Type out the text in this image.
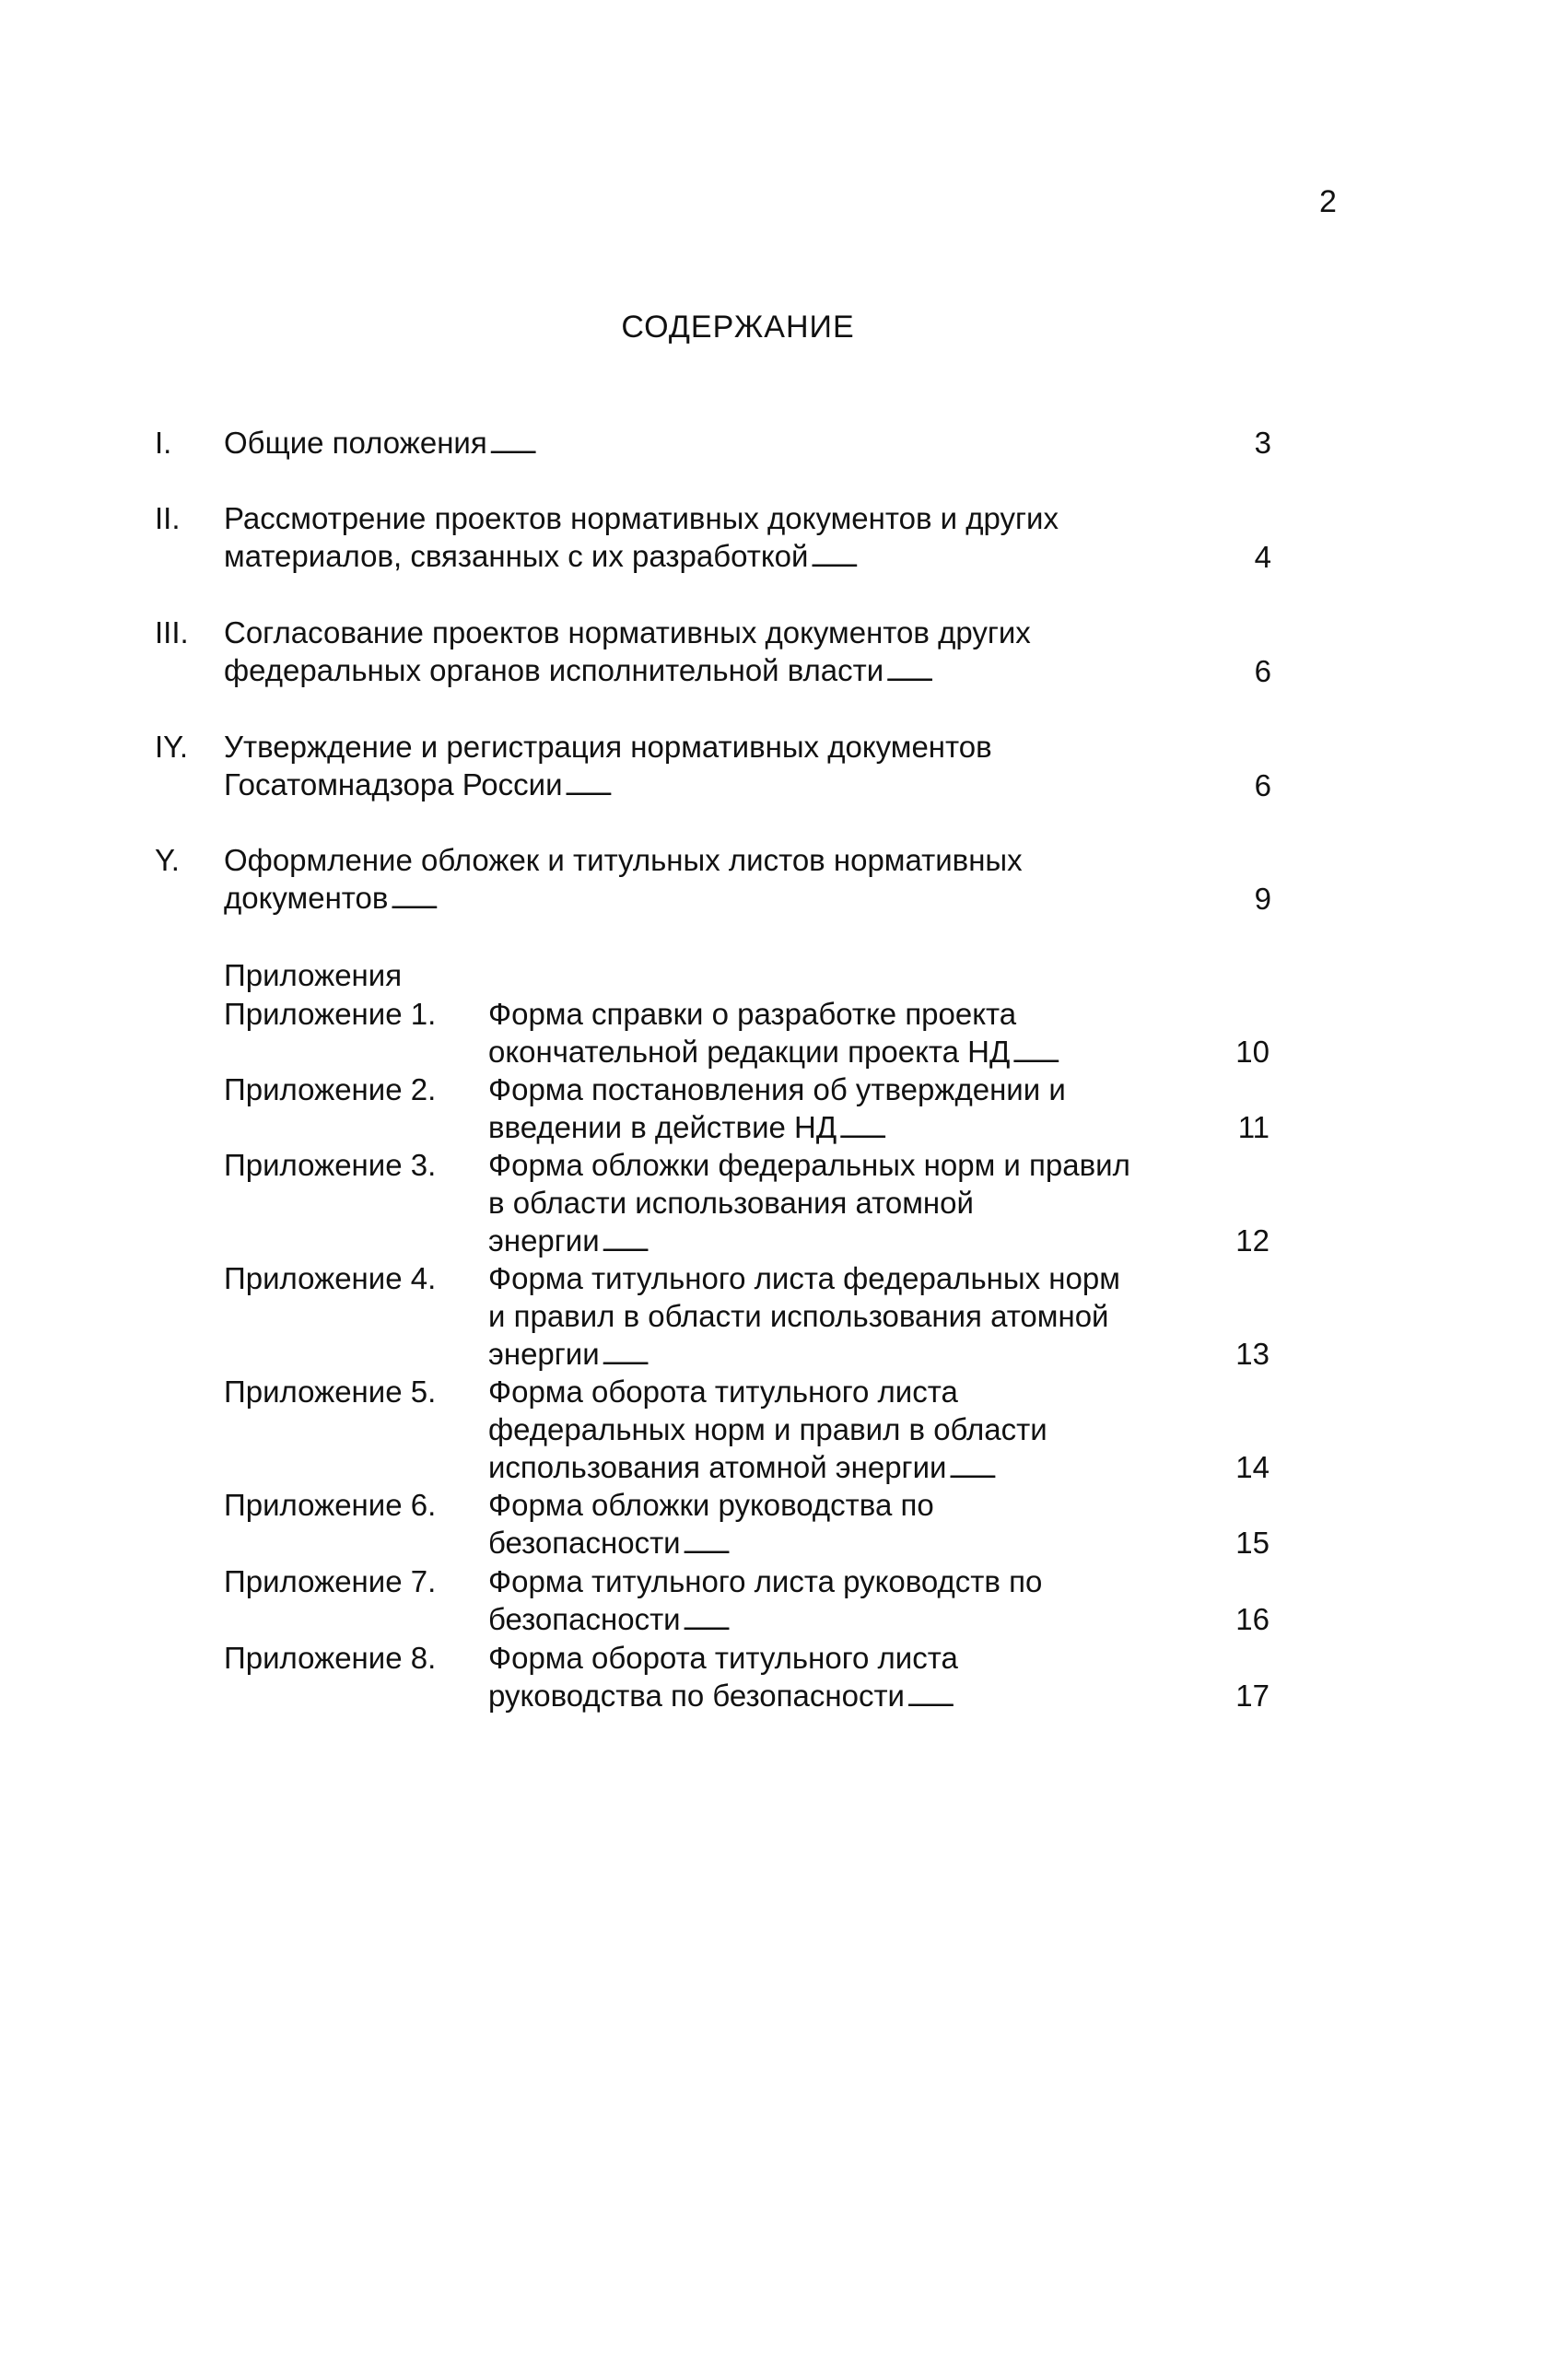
2
СОДЕРЖАНИЕ
I. Общие положения . . .	3
II. Рассмотрение проектов нормативных документов и других
материалов, связанных с их разработкой . . .	4
III. Согласование проектов нормативных документов других
федеральных органов исполнительной власти . . .	6
IY. Утверждение и регистрация нормативных документов
Госатомнадзора России . . .	6
Y. Оформление обложек и титульных листов нормативных
документов . . .	9
Приложения
Приложение 1. Форма справки о разработке проекта
окончательной редакции проекта НД . . .	10
Приложение 2. Форма постановления об утверждении и
введении в действие НД . . .	11
Приложение 3. Форма обложки федеральных норм и правил
в области использования атомной
энергии . . .	12
Приложение 4. Форма титульного листа федеральных норм
и правил в области использования атомной
энергии . . .	13
Приложение 5. Форма оборота титульного листа
федеральных норм и правил в области
использования атомной энергии . . .	14
Приложение 6. Форма обложки руководства по
безопасности . . .	15
Приложение 7. Форма титульного листа руководств по
безопасности . . .	16
Приложение 8. Форма оборота титульного листа
руководства по безопасности . . .	17
